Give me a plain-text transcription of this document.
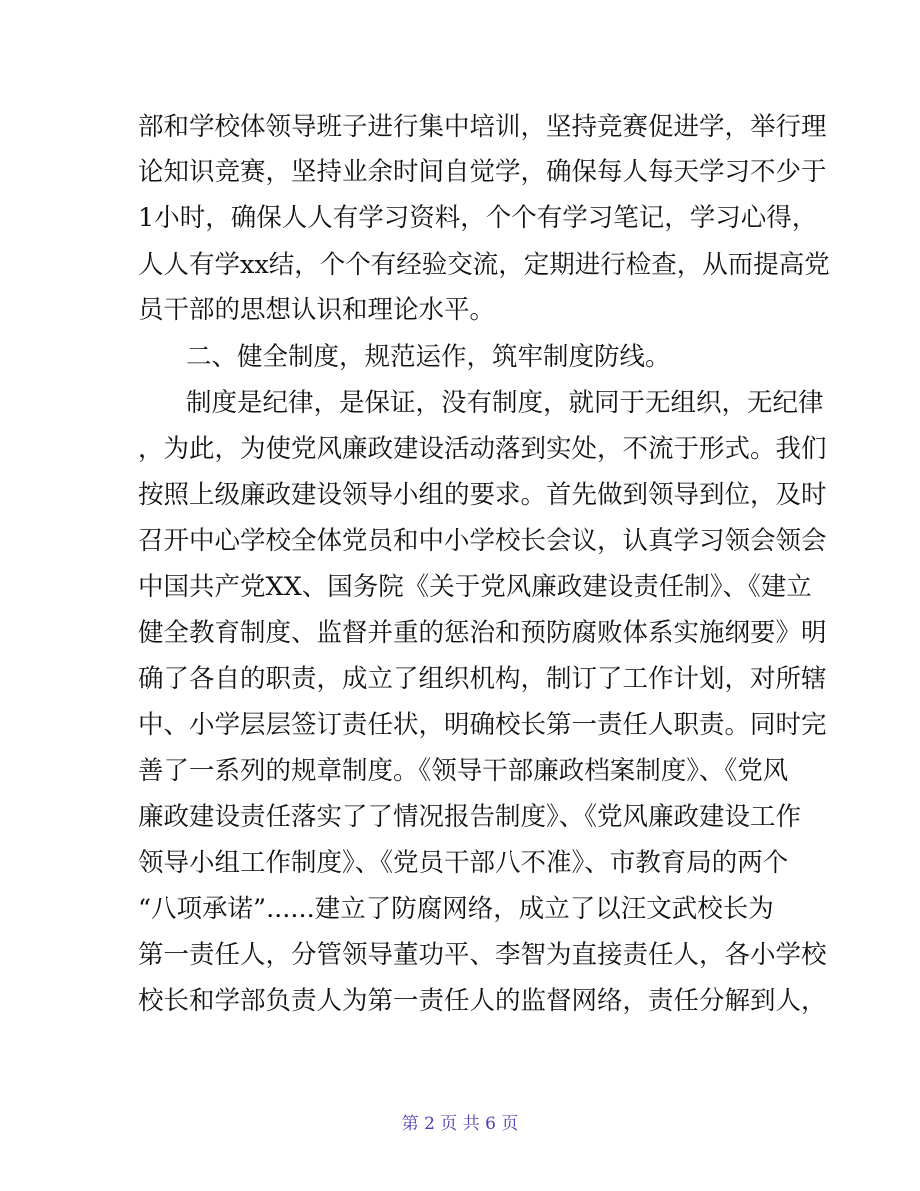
部和学校体领导班子进行集中培训，坚持竞赛促进学，举行理
论知识竞赛，坚持业余时间自觉学，确保每人每天学习不少于
1小时，确保人人有学习资料，个个有学习笔记，学习心得，
人人有学xx结，个个有经验交流，定期进行检查，从而提高党
员干部的思想认识和理论水平。
二、健全制度，规范运作，筑牢制度防线。
制度是纪律，是保证，没有制度，就同于无组织，无纪律
，为此，为使党风廉政建设活动落到实处，不流于形式。我们
按照上级廉政建设领导小组的要求。首先做到领导到位，及时
召开中心学校全体党员和中小学校长会议，认真学习领会领会
中国共产党XX、国务院《关于党风廉政建设责任制》、《建立
健全教育制度、监督并重的惩治和预防腐败体系实施纲要》明
确了各自的职责，成立了组织机构，制订了工作计划，对所辖
中、小学层层签订责任状，明确校长第一责任人职责。同时完
善了一系列的规章制度。《领导干部廉政档案制度》、《党风
廉政建设责任落实了了情况报告制度》、《党风廉政建设工作
领导小组工作制度》、《党员干部八不准》、市教育局的两个
“八项承诺”......建立了防腐网络，成立了以汪文武校长为
第一责任人，分管领导董功平、李智为直接责任人，各小学校
校长和学部负责人为第一责任人的监督网络，责任分解到人，
第 2 页 共 6 页
